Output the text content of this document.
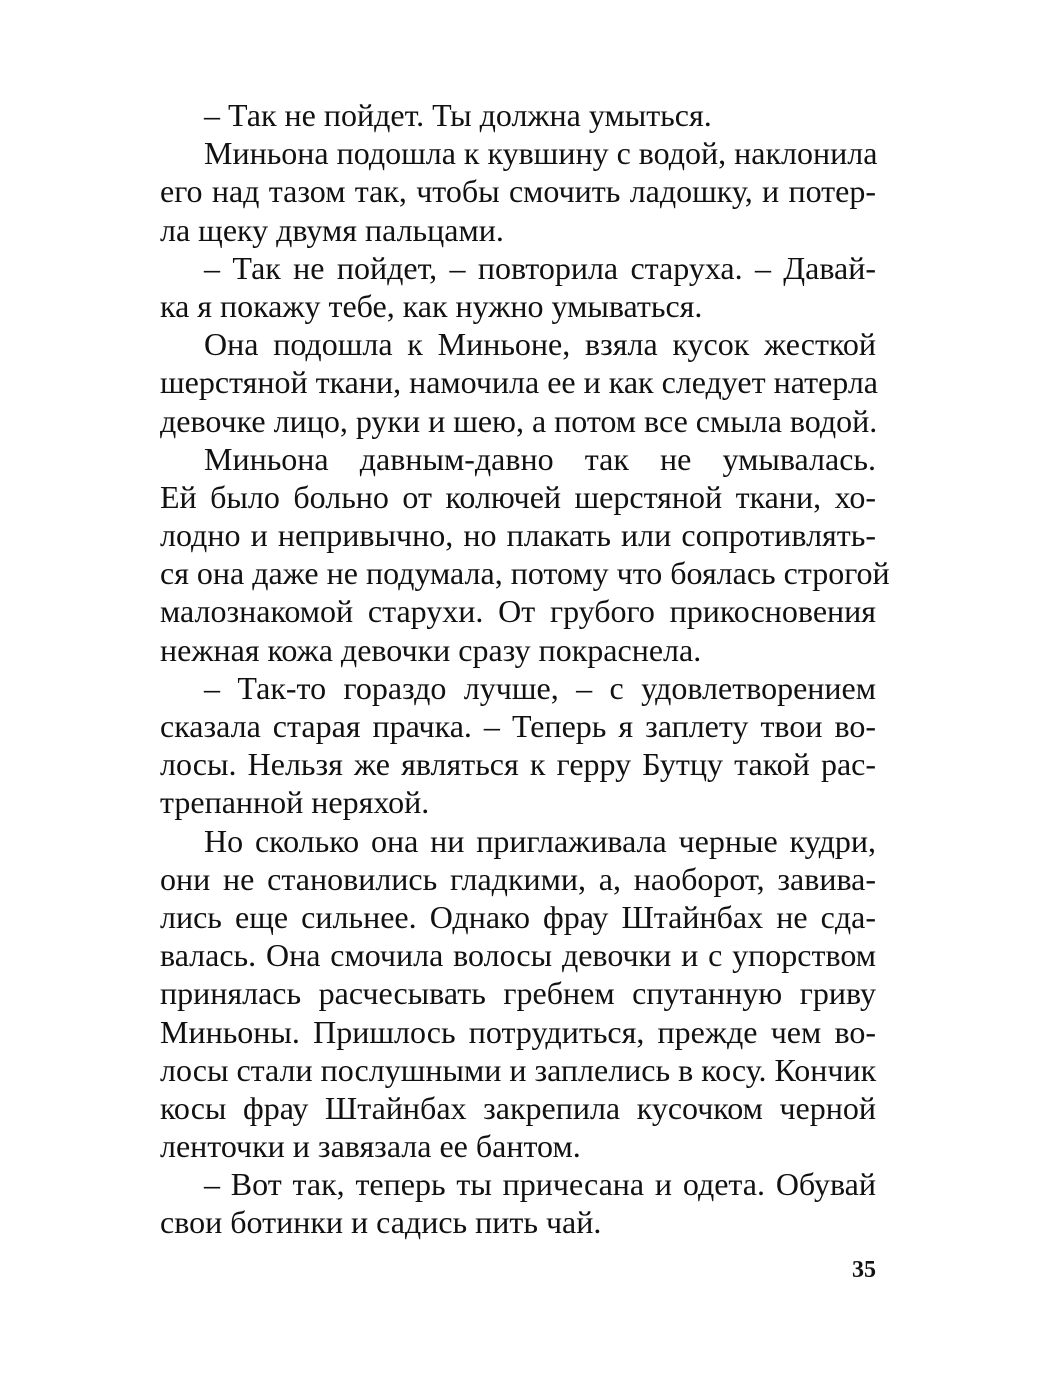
– Так не пойдет. Ты должна умыться.
Миньона подошла к кувшину с водой, наклонила
его над тазом так, чтобы смочить ладошку, и потер-
ла щеку двумя пальцами.
– Так не пойдет, – повторила старуха. – Давай-
ка я покажу тебе, как нужно умываться.
Она подошла к Миньоне, взяла кусок жесткой
шерстяной ткани, намочила ее и как следует натерла
девочке лицо, руки и шею, а потом все смыла водой.
Миньона давным-давно так не умывалась.
Ей было больно от колючей шерстяной ткани, хо-
лодно и непривычно, но плакать или сопротивлять-
ся она даже не подумала, потому что боялась строгой
малознакомой старухи. От грубого прикосновения
нежная кожа девочки сразу покраснела.
– Так-то гораздо лучше, – с удовлетворением
сказала старая прачка. – Теперь я заплету твои во-
лосы. Нельзя же являться к герру Бутцу такой рас-
трепанной неряхой.
Но сколько она ни приглаживала черные кудри,
они не становились гладкими, а, наоборот, завива-
лись еще сильнее. Однако фрау Штайнбах не сда-
валась. Она смочила волосы девочки и с упорством
принялась расчесывать гребнем спутанную гриву
Миньоны. Пришлось потрудиться, прежде чем во-
лосы стали послушными и заплелись в косу. Кончик
косы фрау Штайнбах закрепила кусочком черной
ленточки и завязала ее бантом.
– Вот так, теперь ты причесана и одета. Обувай
свои ботинки и садись пить чай.
35
